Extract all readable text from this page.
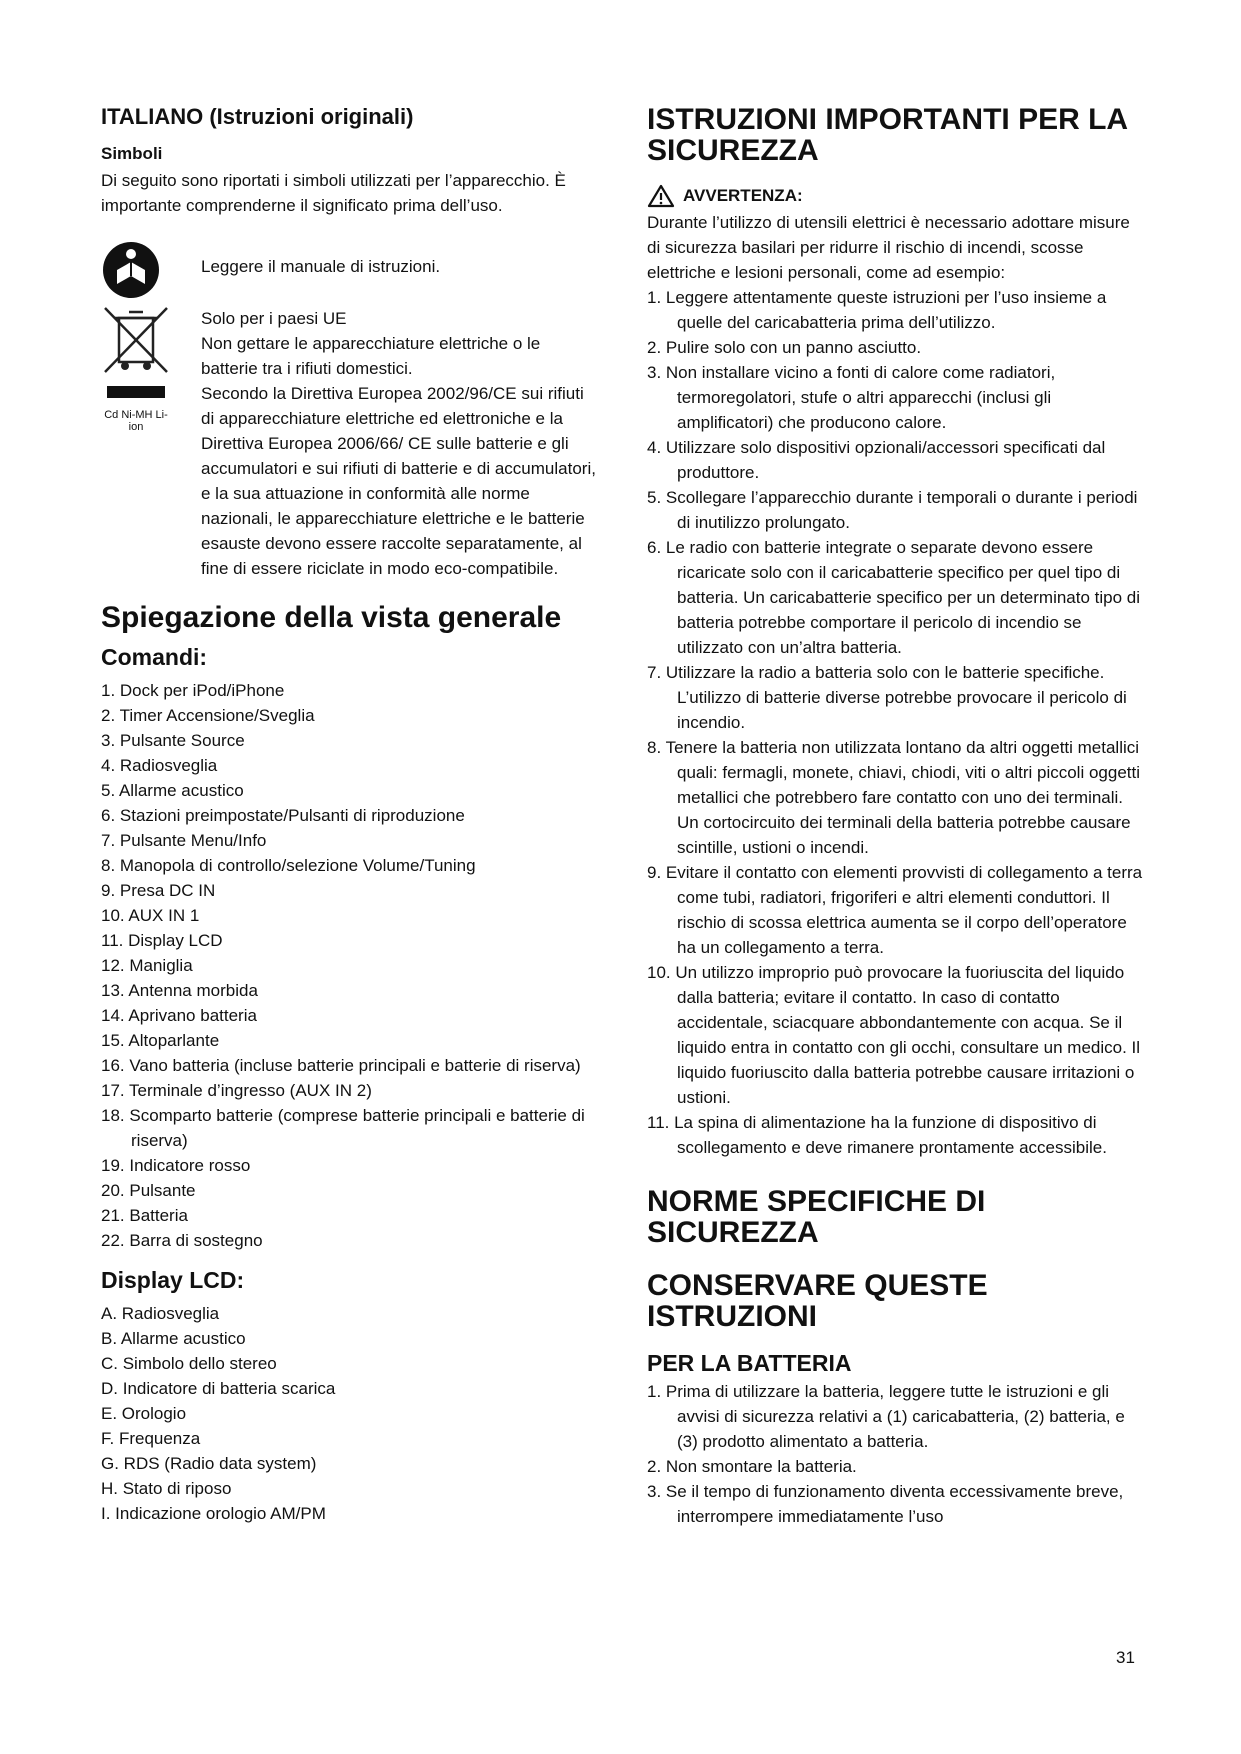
ITALIANO (Istruzioni originali)
Simboli

Di seguito sono riportati i simboli utilizzati per l’apparecchio. È importante comprenderne il significato prima dell’uso.

Leggere il manuale di istruzioni.
Cd Ni-MH Li-ion
Solo per i paesi UE
Non gettare le apparecchiature elettriche o le batterie tra i rifiuti domestici.
Secondo la Direttiva Europea 2002/96/CE sui rifiuti di apparecchiature elettriche ed elettroniche e la Direttiva Europea 2006/66/ CE sulle batterie e gli accumulatori e sui rifiuti di batterie e di accumulatori, e la sua attuazione in conformità alle norme nazionali, le apparecchiature elettriche e le batterie esauste devono essere raccolte separatamente, al fine di essere riciclate in modo eco-compatibile.
Spiegazione della vista generale
Comandi:
1. Dock per iPod/iPhone
2. Timer Accensione/Sveglia
3. Pulsante Source
4. Radiosveglia
5. Allarme acustico
6. Stazioni preimpostate/Pulsanti di riproduzione
7. Pulsante Menu/Info
8. Manopola di controllo/selezione Volume/Tuning
9. Presa DC IN
10. AUX IN 1
11. Display LCD
12. Maniglia
13. Antenna morbida
14. Aprivano batteria
15. Altoparlante
16. Vano batteria (incluse batterie principali e batterie di riserva)
17. Terminale d’ingresso (AUX IN 2)
18. Scomparto batterie (comprese batterie principali e batterie di riserva)
19. Indicatore rosso
20. Pulsante
21. Batteria
22. Barra di sostegno
Display LCD:
A. Radiosveglia
B. Allarme acustico
C. Simbolo dello stereo
D. Indicatore di batteria scarica
E. Orologio
F. Frequenza
G. RDS (Radio data system)
H. Stato di riposo
I. Indicazione orologio AM/PM
ISTRUZIONI IMPORTANTI PER LA SICUREZZA
AVVERTENZA:

Durante l’utilizzo di utensili elettrici è necessario adottare misure di sicurezza basilari per ridurre il rischio di incendi, scosse elettriche e lesioni personali, come ad esempio:

1. Leggere attentamente queste istruzioni per l’uso insieme a quelle del caricabatteria prima dell’utilizzo.
2. Pulire solo con un panno asciutto.
3. Non installare vicino a fonti di calore come radiatori, termoregolatori, stufe o altri apparecchi (inclusi gli amplificatori) che producono calore.
4. Utilizzare solo dispositivi opzionali/accessori specificati dal produttore.
5. Scollegare l’apparecchio durante i temporali o durante i periodi di inutilizzo prolungato.
6. Le radio con batterie integrate o separate devono essere ricaricate solo con il caricabatterie specifico per quel tipo di batteria. Un caricabatterie specifico per un determinato tipo di batteria potrebbe comportare il pericolo di incendio se utilizzato con un’altra batteria.
7. Utilizzare la radio a batteria solo con le batterie specifiche. L’utilizzo di batterie diverse potrebbe provocare il pericolo di incendio.
8. Tenere la batteria non utilizzata lontano da altri oggetti metallici quali: fermagli, monete, chiavi, chiodi, viti o altri piccoli oggetti metallici che potrebbero fare contatto con uno dei terminali. Un cortocircuito dei terminali della batteria potrebbe causare scintille, ustioni o incendi.
9. Evitare il contatto con elementi provvisti di collegamento a terra come tubi, radiatori, frigoriferi e altri elementi conduttori. Il rischio di scossa elettrica aumenta se il corpo dell’operatore ha un collegamento a terra.
10. Un utilizzo improprio può provocare la fuoriuscita del liquido dalla batteria; evitare il contatto. In caso di contatto accidentale, sciacquare abbondantemente con acqua. Se il liquido entra in contatto con gli occhi, consultare un medico. Il liquido fuoriuscito dalla batteria potrebbe causare irritazioni o ustioni.
11. La spina di alimentazione ha la funzione di dispositivo di scollegamento e deve rimanere prontamente accessibile.
NORME SPECIFICHE DI SICUREZZA
CONSERVARE QUESTE ISTRUZIONI
PER LA BATTERIA
1. Prima di utilizzare la batteria, leggere tutte le istruzioni e gli avvisi di sicurezza relativi a (1) caricabatteria, (2) batteria, e (3) prodotto alimentato a batteria.
2. Non smontare la batteria.
3. Se il tempo di funzionamento diventa eccessivamente breve, interrompere immediatamente l’uso
31
